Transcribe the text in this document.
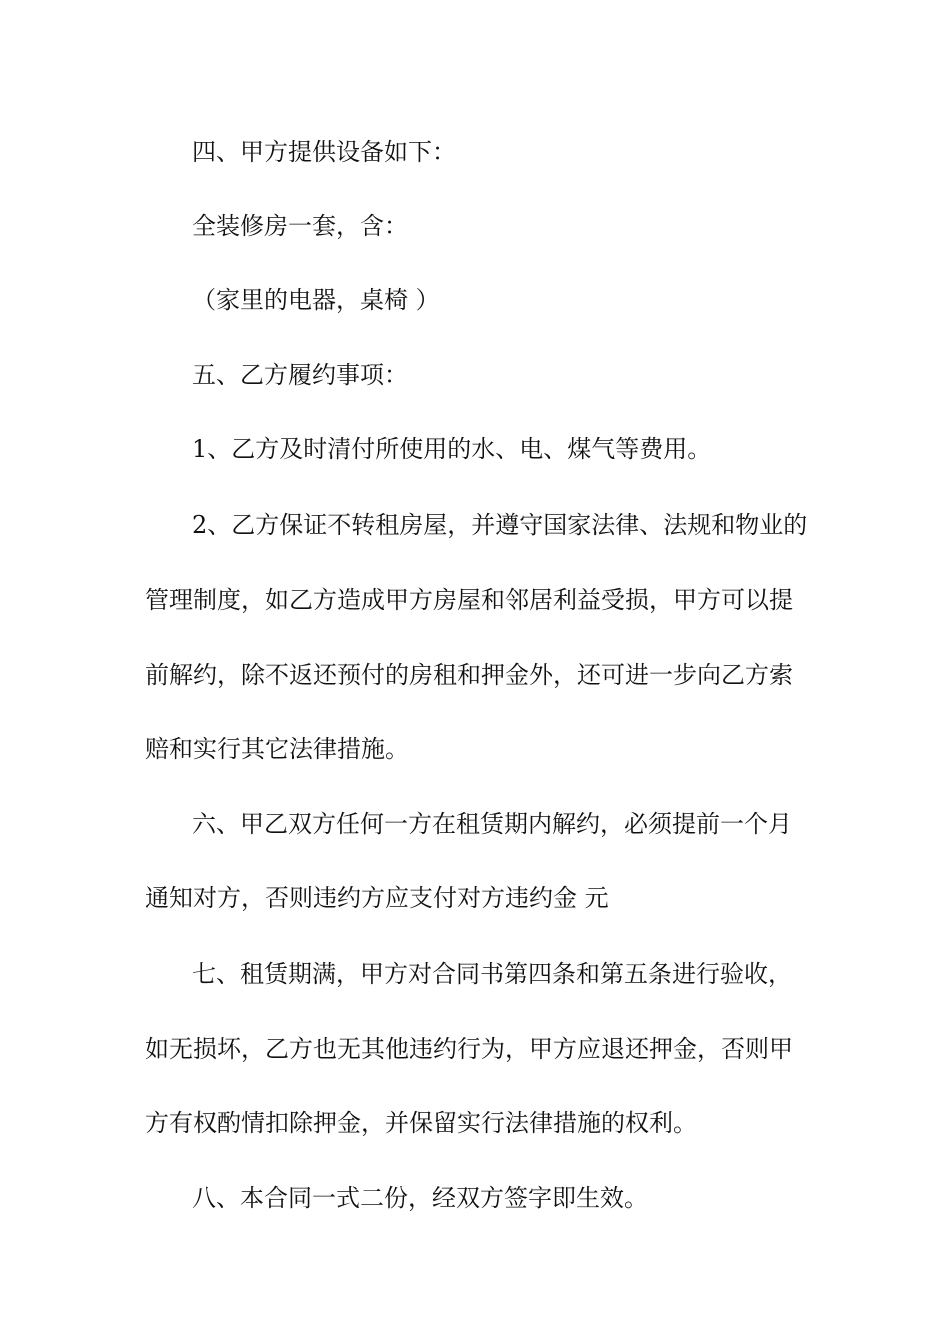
四、甲方提供设备如下：
全装修房一套，含：
（家里的电器，桌椅 ）
五、乙方履约事项：
1、乙方及时清付所使用的水、电、煤气等费用。
2、乙方保证不转租房屋，并遵守国家法律、法规和物业的
管理制度，如乙方造成甲方房屋和邻居利益受损，甲方可以提
前解约，除不返还预付的房租和押金外，还可进一步向乙方索
赔和实行其它法律措施。
六、甲乙双方任何一方在租赁期内解约，必须提前一个月
通知对方，否则违约方应支付对方违约金 元
七、租赁期满，甲方对合同书第四条和第五条进行验收，
如无损坏，乙方也无其他违约行为，甲方应退还押金，否则甲
方有权酌情扣除押金，并保留实行法律措施的权利。
八、本合同一式二份，经双方签字即生效。
